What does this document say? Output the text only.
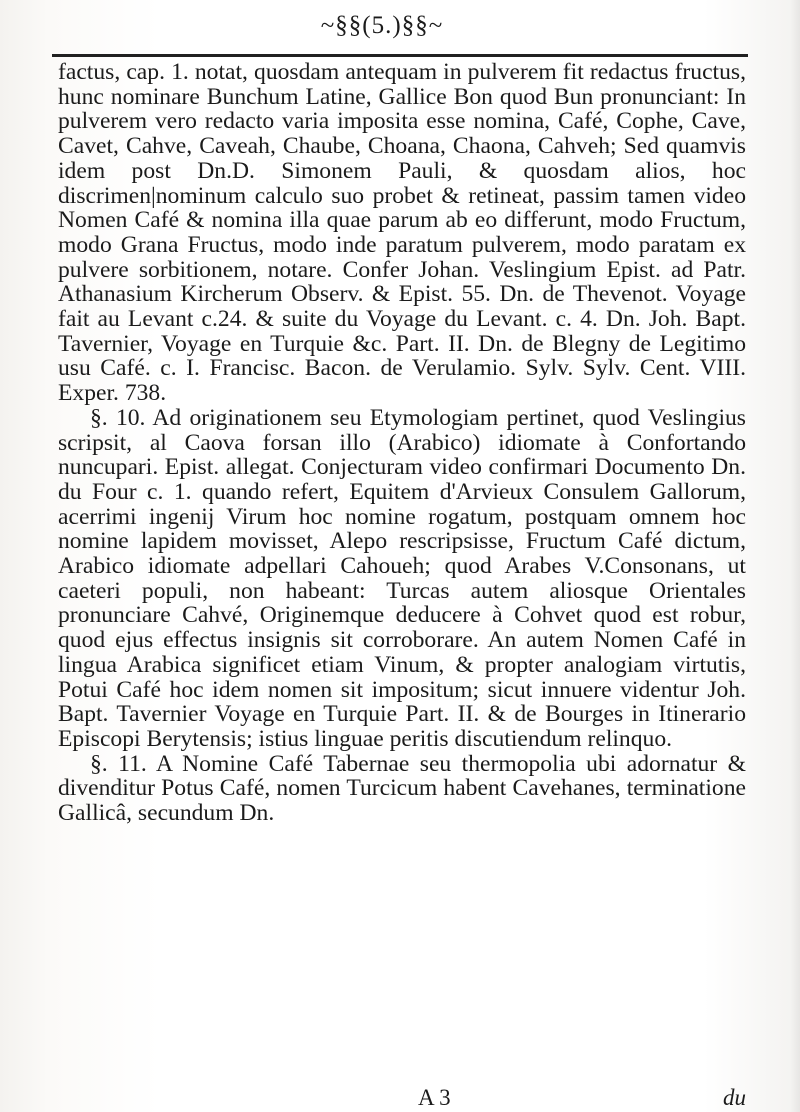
~§§(5.)§§~

factus, cap. 1. notat, quosdam antequam in pulverem fit redactus fructus, hunc nominare Bunchum Latine, Gallice Bon quod Bun pronunciant: In pulverem vero redacto varia imposita esse nomina, Café, Cophe, Cave, Cavet, Cahve, Caveah, Chaube, Choana, Chaona, Cahveh; Sed quamvis idem post Dn.D. Simonem Pauli, & quosdam alios, hoc discrimen|nominum calculo suo probet & retineat, passim tamen video Nomen Café & nomina illa quae parum ab eo differunt, modo Fructum, modo Grana Fructus, modo inde paratum pulverem, modo paratam ex pulvere sorbitionem, notare. Confer Johan. Veslingium Epist. ad Patr. Athanasium Kircherum Observ. & Epist. 55. Dn. de Thevenot. Voyage fait au Levant c.24. & suite du Voyage du Levant. c. 4. Dn. Joh. Bapt. Tavernier, Voyage en Turquie &c. Part. II. Dn. de Blegny de Legitimo usu Café. c. I. Francisc. Bacon. de Verulamio. Sylv. Sylv. Cent. VIII. Exper. 738.

§. 10. Ad originationem seu Etymologiam pertinet, quod Veslingius scripsit, al Caova forsan illo (Arabico) idiomate à Confortando nuncupari. Epist. allegat. Conjecturam video confirmari Documento Dn. du Four c. 1. quando refert, Equitem d'Arvieux Consulem Gallorum, acerrimi ingenij Virum hoc nomine rogatum, postquam omnem hoc nomine lapidem movisset, Alepo rescripsisse, Fructum Café dictum, Arabico idiomate adpellari Cahoueh; quod Arabes V.Consonans, ut caeteri populi, non habeant: Turcas autem aliosque Orientales pronunciare Cahvé, Originemque deducere à Cohvet quod est robur, quod ejus effectus insignis sit corroborare. An autem Nomen Café in lingua Arabica significet etiam Vinum, & propter analogiam virtutis, Potui Café hoc idem nomen sit impositum; sicut innuere videntur Joh. Bapt. Tavernier Voyage en Turquie Part. II. & de Bourges in Itinerario Episcopi Berytensis; istius linguae peritis discutiendum relinquo.

§. 11. A Nomine Café Tabernae seu thermopolia ubi adornatur & divenditur Potus Café, nomen Turcicum habent Cavehanes, terminatione Gallicâ, secundum Dn.

A 3	du
